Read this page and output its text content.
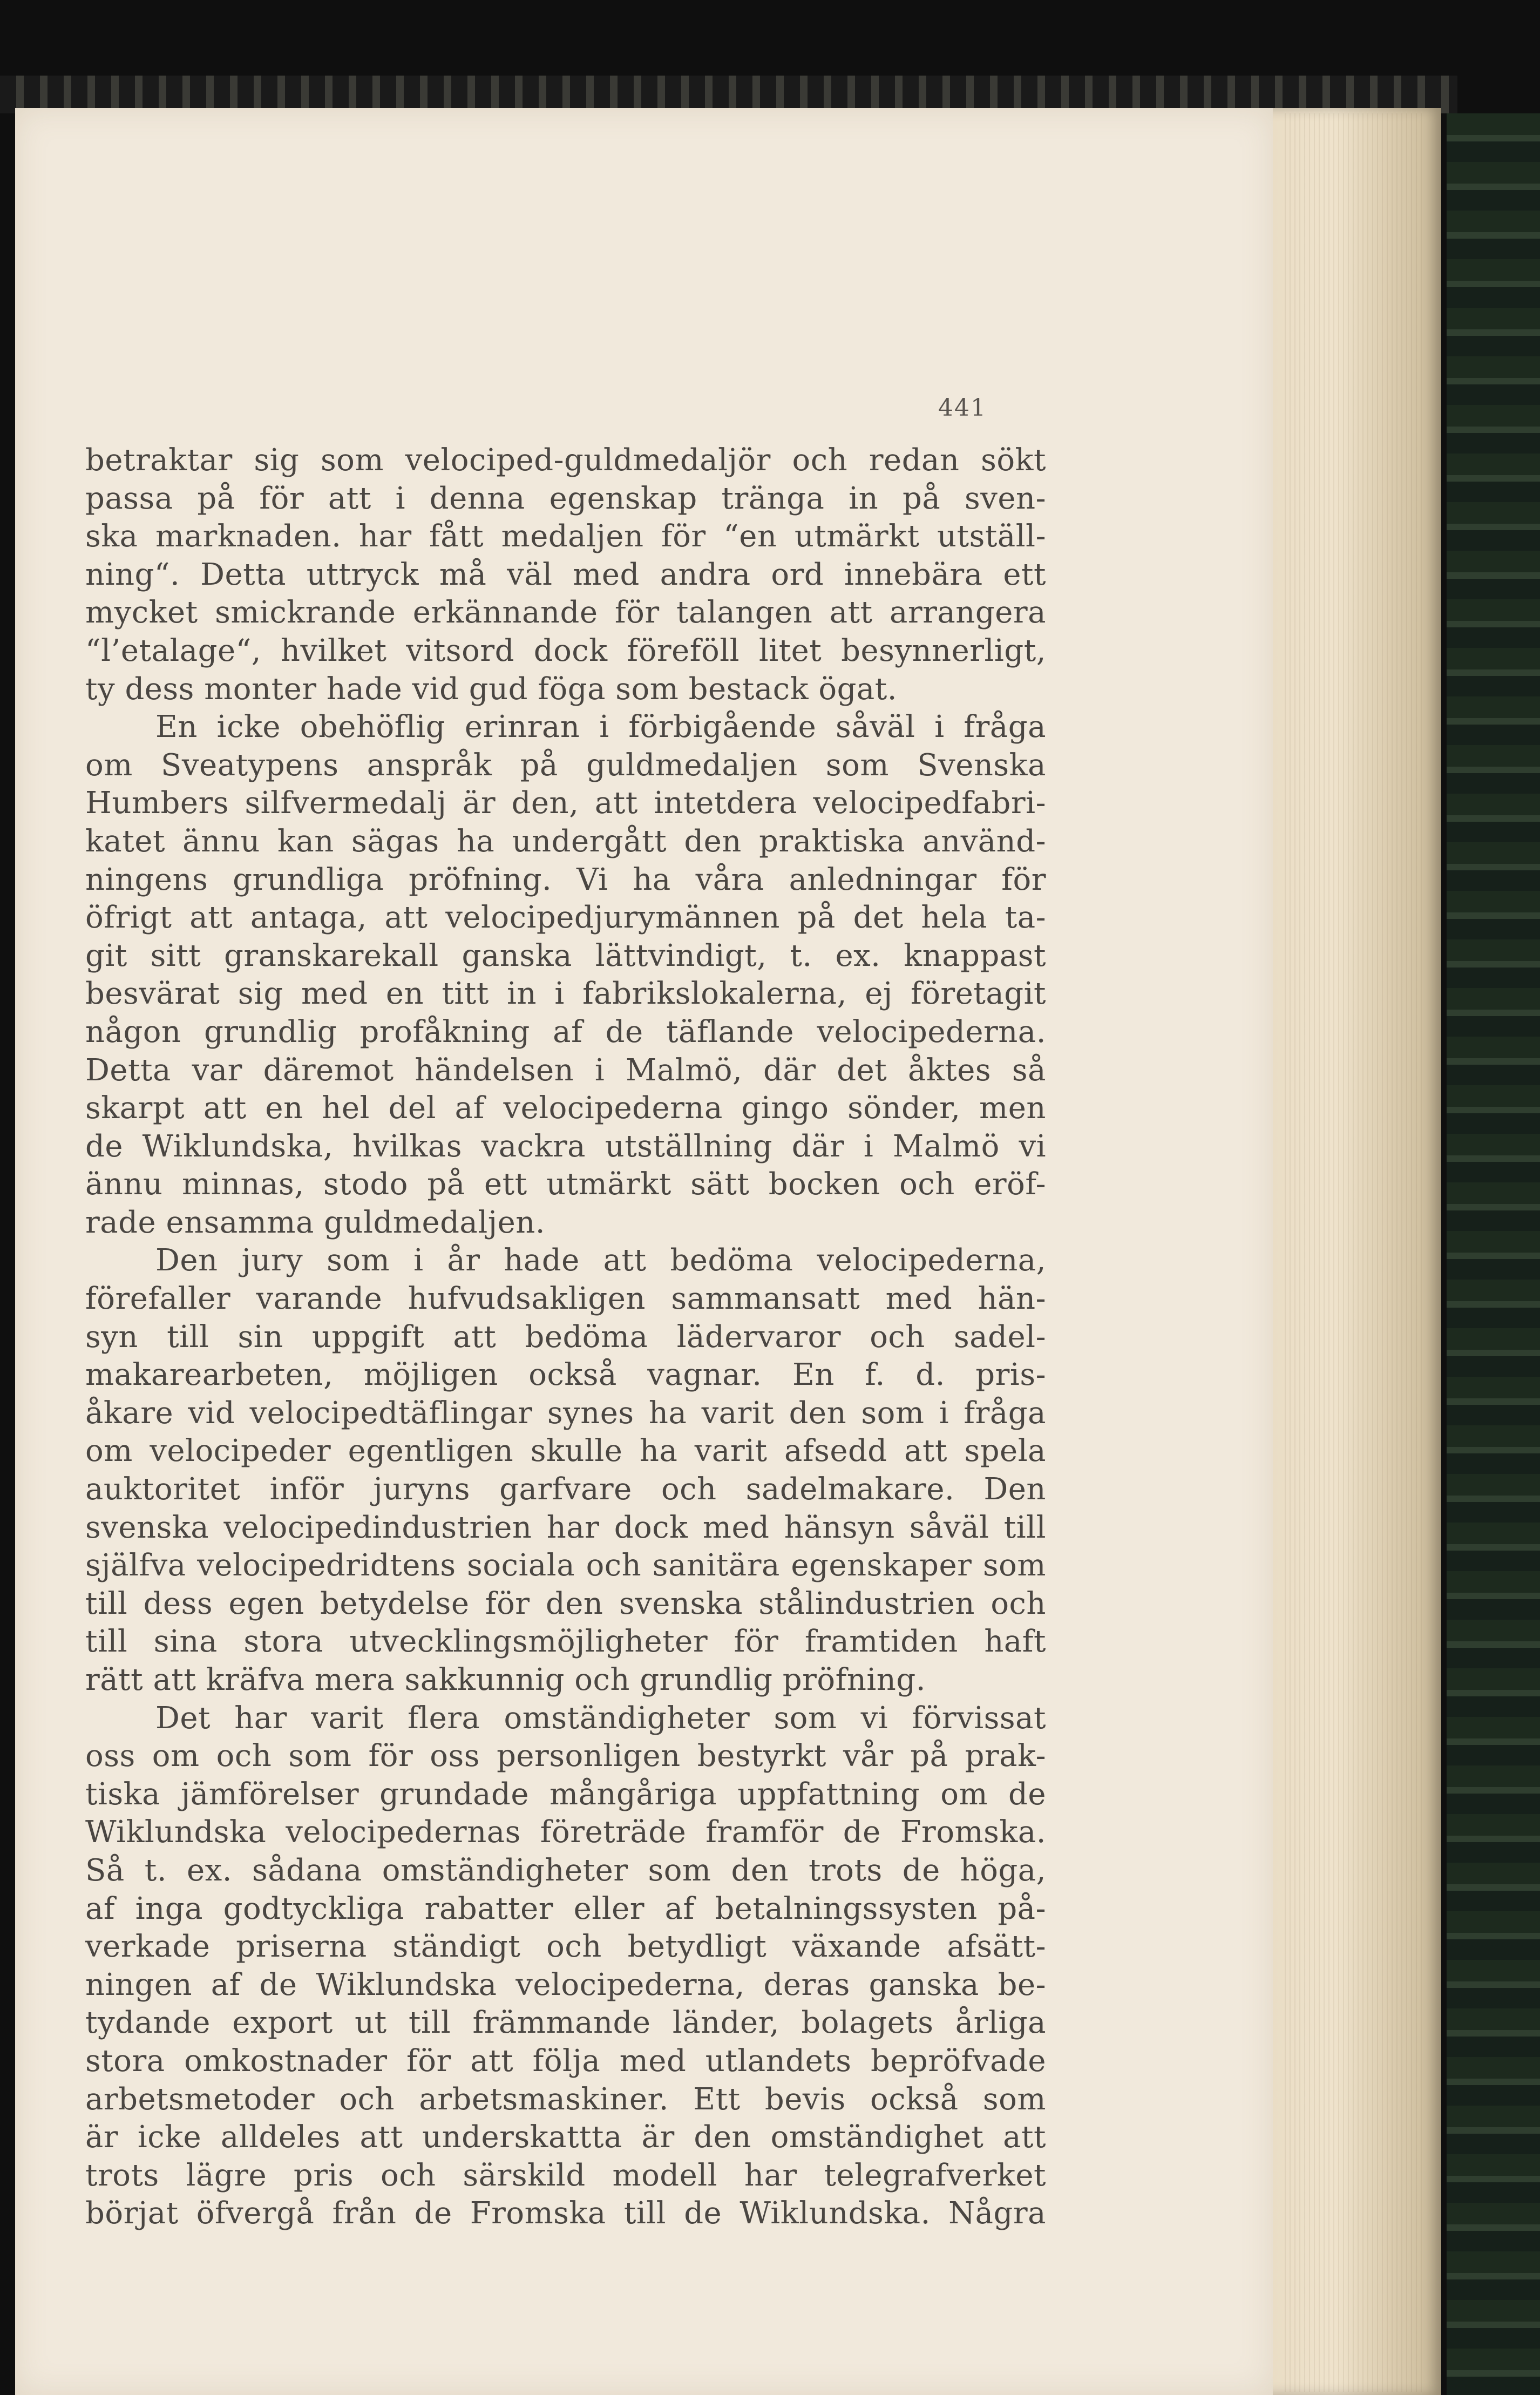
441
betraktar sig som velociped-guldmedaljör och redan sökt
passa på för att i denna egenskap tränga in på sven-
ska marknaden. har fått medaljen för “en utmärkt utställ-
ning“. Detta uttryck må väl med andra ord innebära ett
mycket smickrande erkännande för talangen att arrangera
“l’etalage“, hvilket vitsord dock föreföll litet besynnerligt,
ty dess monter hade vid gud föga som bestack ögat.
En icke obehöflig erinran i förbigående såväl i fråga
om Sveatypens anspråk på guldmedaljen som Svenska
Humbers silfvermedalj är den, att intetdera velocipedfabri-
katet ännu kan sägas ha undergått den praktiska använd-
ningens grundliga pröfning. Vi ha våra anledningar för
öfrigt att antaga, att velocipedjurymännen på det hela ta-
git sitt granskarekall ganska lättvindigt, t. ex. knappast
besvärat sig med en titt in i fabrikslokalerna, ej företagit
någon grundlig profåkning af de täflande velocipederna.
Detta var däremot händelsen i Malmö, där det åktes så
skarpt att en hel del af velocipederna gingo sönder, men
de Wiklundska, hvilkas vackra utställning där i Malmö vi
ännu minnas, stodo på ett utmärkt sätt bocken och eröf-
rade ensamma guldmedaljen.
Den jury som i år hade att bedöma velocipederna,
förefaller varande hufvudsakligen sammansatt med hän-
syn till sin uppgift att bedöma lädervaror och sadel-
makarearbeten, möjligen också vagnar. En f. d. pris-
åkare vid velocipedtäflingar synes ha varit den som i fråga
om velocipeder egentligen skulle ha varit afsedd att spela
auktoritet inför juryns garfvare och sadelmakare. Den
svenska velocipedindustrien har dock med hänsyn såväl till
själfva velocipedridtens sociala och sanitära egenskaper som
till dess egen betydelse för den svenska stålindustrien och
till sina stora utvecklingsmöjligheter för framtiden haft
rätt att kräfva mera sakkunnig och grundlig pröfning.
Det har varit flera omständigheter som vi förvissat
oss om och som för oss personligen bestyrkt vår på prak-
tiska jämförelser grundade mångåriga uppfattning om de
Wiklundska velocipedernas företräde framför de Fromska.
Så t. ex. sådana omständigheter som den trots de höga,
af inga godtyckliga rabatter eller af betalningssysten på-
verkade priserna ständigt och betydligt växande afsätt-
ningen af de Wiklundska velocipederna, deras ganska be-
tydande export ut till främmande länder, bolagets årliga
stora omkostnader för att följa med utlandets bepröfvade
arbetsmetoder och arbetsmaskiner. Ett bevis också som
är icke alldeles att underskattta är den omständighet att
trots lägre pris och särskild modell har telegrafverket
börjat öfvergå från de Fromska till de Wiklundska. Några
